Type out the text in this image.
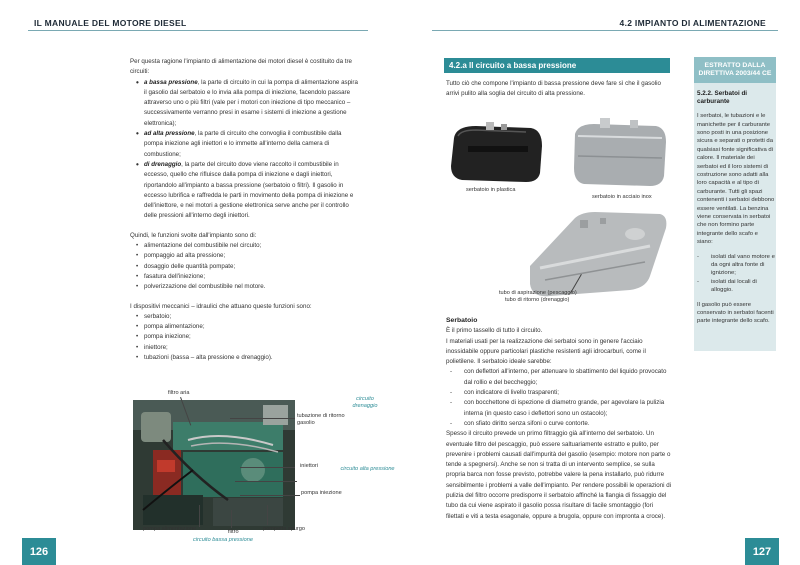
IL MANUALE DEL MOTORE DIESEL	4.2 IMPIANTO DI ALIMENTAZIONE

Per questa ragione l'impianto di alimentazione dei motori diesel è costituito da tre circuiti:

• a bassa pressione, la parte di circuito in cui la pompa di alimentazione aspira il gasolio dal serbatoio e lo invia alla pompa di iniezione, facendolo passare attraverso uno o più filtri (vale per i motori con iniezione di tipo meccanico – successivamente verranno presi in esame i sistemi di iniezione a gestione elettronica);
• ad alta pressione, la parte di circuito che convoglia il combustibile dalla pompa iniezione agli iniettori e lo immette all'interno della camera di combustione;
• di drenaggio, la parte del circuito dove viene raccolto il combustibile in eccesso, quello che rifluisce dalla pompa di iniezione e dagli iniettori, riportandolo all'impianto a bassa pressione (serbatoio o filtri). Il gasolio in eccesso lubrifica e raffredda le parti in movimento della pompa di iniezione e dell'iniettore, e nei motori a gestione elettronica serve anche per il controllo delle pressioni all'interno degli iniettori.

Quindi, le funzioni svolte dall'impianto sono di:

• alimentazione del combustibile nel circuito;
• pompaggio ad alta pressione;
• dosaggio delle quantità pompate;
• fasatura dell'iniezione;
• polverizzazione del combustibile nel motore.

I dispositivi meccanici – idraulici che attuano queste funzioni sono:

• serbatoio;
• pompa alimentazione;
• pompa iniezione;
• iniettore;
• tubazioni (bassa – alta pressione e drenaggio).
filtro aria
tubazione di ritorno gasolio
circuito drenaggio
iniettori	circuito alta pressione
pompa iniezione
pompa alimentazione	filtro	pompetta spurgo
circuito bassa pressione
4.2.a Il circuito a bassa pressione
Tutto ciò che compone l'impianto di bassa pressione deve fare sì che il gasolio arrivi pulito alla soglia del circuito di alta pressione.
serbatoio in plastica
serbatoio in acciaio inox
tubo di aspirazione (pescaggio)
tubo di ritorno (drenaggio)

Serbatoio

È il primo tassello di tutto il circuito.

I materiali usati per la realizzazione dei serbatoi sono in genere l'acciaio inossidabile oppure particolari plastiche resistenti agli idrocarburi, come il polietilene. Il serbatoio ideale sarebbe:

- con deflettori all'interno, per attenuare lo sbattimento del liquido provocato dal rollio e del beccheggio;
- con indicatore di livello trasparenti;
- con bocchettone di ispezione di diametro grande, per agevolare la pulizia interna (in questo caso i deflettori sono un ostacolo);
- con sfiato diritto senza sifoni o curve contorte.

Spesso il circuito prevede un primo filtraggio già all'interno del serbatoio. Un eventuale filtro del pescaggio, può essere saltuariamente estratto e pulito, per prevenire i problemi causati dall'impurità del gasolio (esempio: motore non parte o tende a spegnersi). Anche se non si tratta di un intervento semplice, se sulla propria barca non fosse previsto, potrebbe valere la pena installarlo, può ridurre sensibilmente i problemi a valle dell'impianto. Per rendere possibili le operazioni di pulizia del filtro occorre predisporre il serbatoio affinché la flangia di fissaggio del tubo da cui viene aspirato il gasolio possa risultare di facile smontaggio (fori filettati e viti a testa esagonale, oppure a brugola, oppure con impronta a croce).

ESTRATTO DALLA
DIRETTIVA 2003/44 CE

5.2.2. Serbatoi di carburante

I serbatoi, le tubazioni e le manichette per il carburante sono posti in una posizione sicura e separati o protetti da qualsiasi fonte significativa di calore. Il materiale dei serbatoi ed il loro sistemi di costruzione sono adatti alla loro capacità e al tipo di carburante. Tutti gli spazi contenenti i serbatoi debbono essere ventilati. La benzina viene conservata in serbatoi che non formino parte integrante dello scafo e siano:

- isolati dal vano motore e da ogni altra fonte di ignizione;
- isolati dai locali di alloggio.

Il gasolio può essere conservato in serbatoi facenti parte integrante dello scafo.

126	127
